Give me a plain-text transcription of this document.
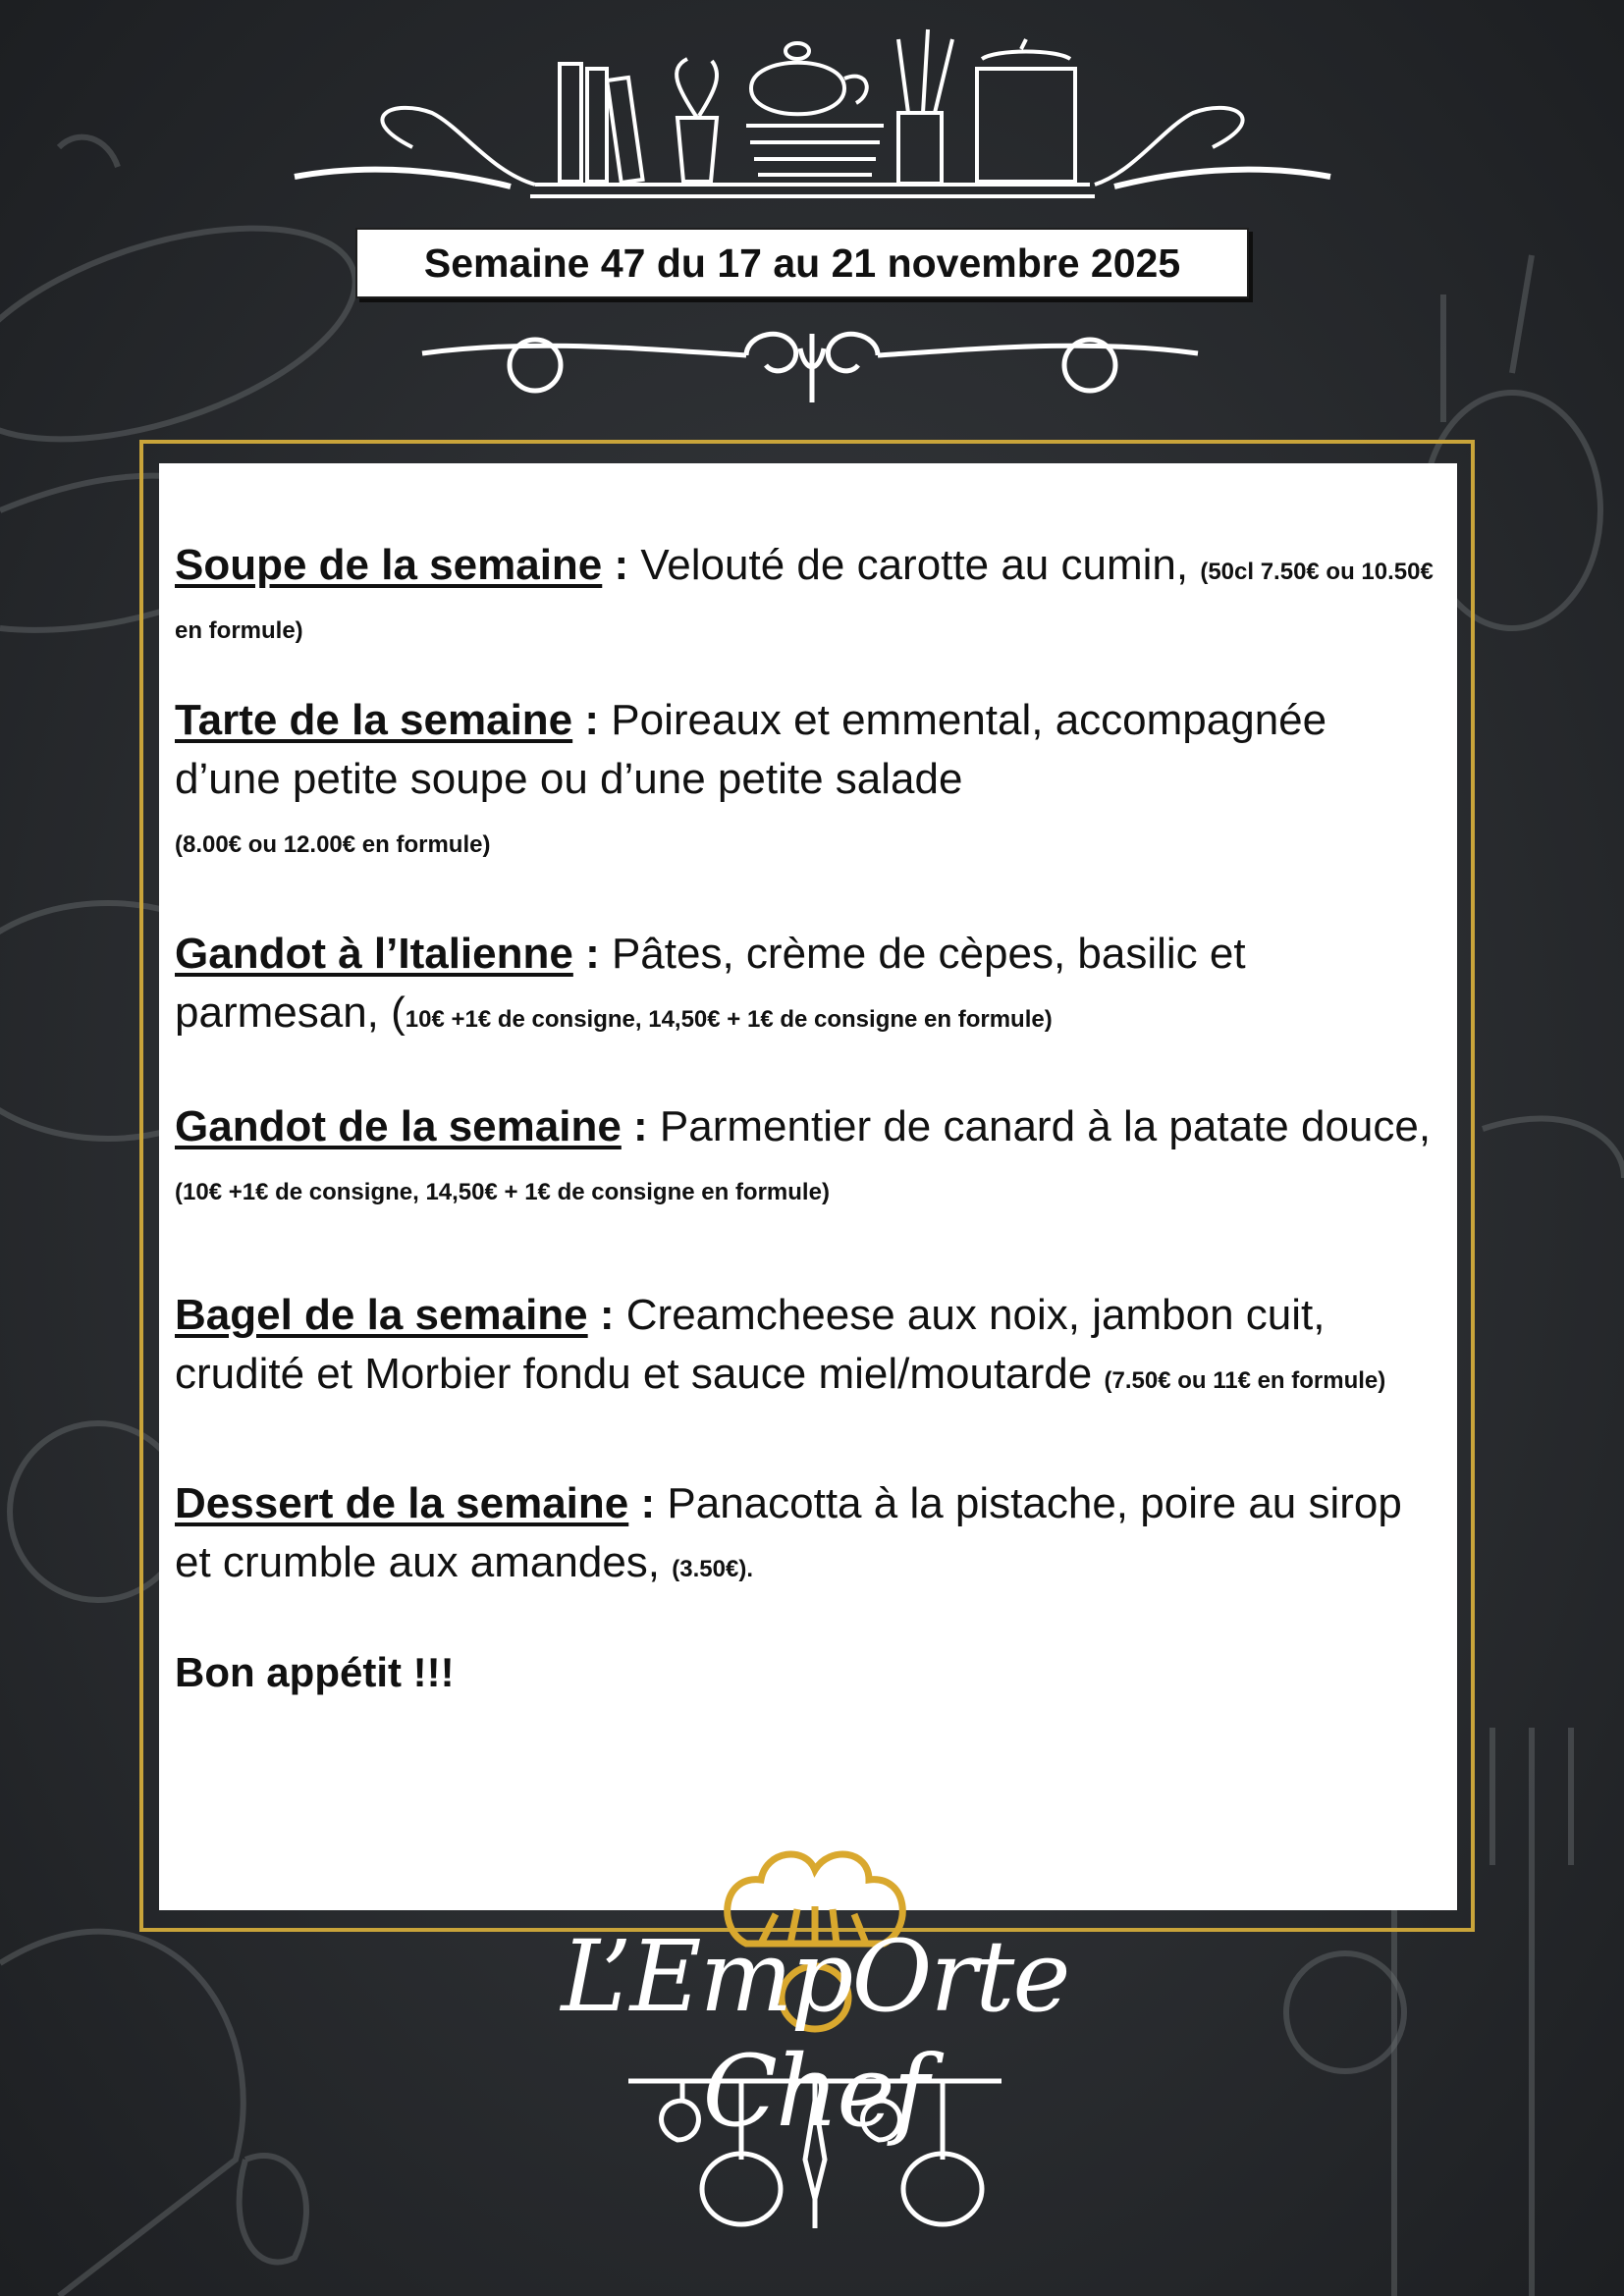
Semaine 47 du 17 au 21 novembre 2025

Soupe de la semaine : Velouté de carotte au cumin, (50cl 7.50€ ou 10.50€ en formule)

Tarte de la semaine : Poireaux et emmental, accompagnée d’une petite soupe ou d’une petite salade
(8.00€ ou 12.00€ en formule)

Gandot à l’Italienne : Pâtes, crème de cèpes, basilic et parmesan, (10€ +1€ de consigne, 14,50€ + 1€ de consigne en formule)

Gandot de la semaine : Parmentier de canard à la patate douce, (10€ +1€ de consigne, 14,50€ + 1€ de consigne en formule)

Bagel de la semaine : Creamcheese aux noix, jambon cuit, crudité et Morbier fondu et sauce miel/moutarde (7.50€ ou 11€ en formule)

Dessert de la semaine : Panacotta à la pistache, poire au sirop et crumble aux amandes, (3.50€).

Bon appétit !!!

L’EmpOrte Chef
